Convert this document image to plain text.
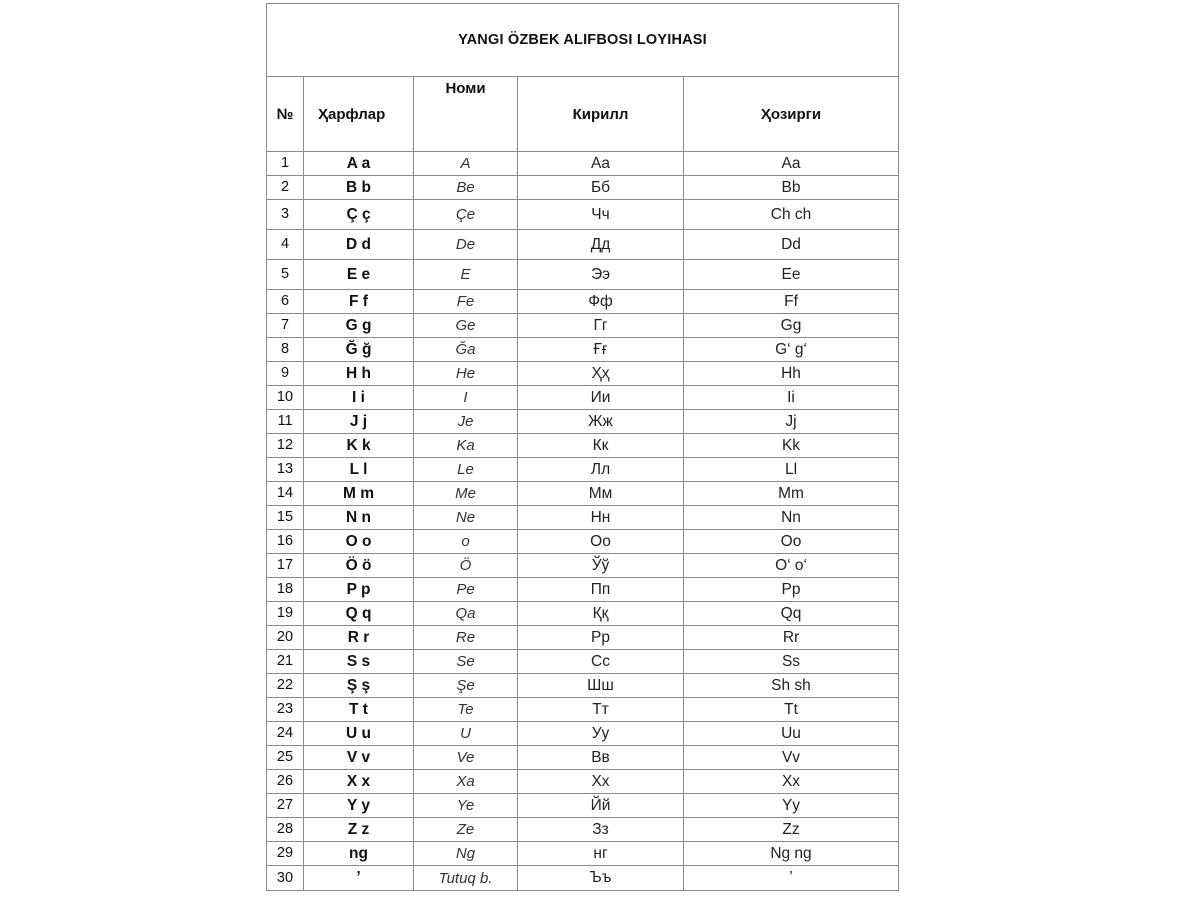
YANGI ÖZBEK ALIFBOSI LOYIHASI				
№	Ҳарфлар	Номи	Кирилл	Ҳозирги
1	A a	A	Aa	Aa
2	B b	Be	Бб	Bb
3	Ç ç	Çe	Чч	Ch ch
4	D d	De	Дд	Dd
5	E e	E	Ээ	Ee
6	F f	Fe	Фф	Ff
7	G g	Ge	Гг	Gg
8	Ğ ğ	Ğa	Ғғ	G‘ g‘
9	H h	He	Ҳҳ	Hh
10	I i	I	Ии	Ii
11	J j	Je	Жж	Jj
12	K k	Ka	Кк	Kk
13	L l	Le	Лл	Ll
14	M m	Me	Мм	Mm
15	N n	Ne	Нн	Nn
16	O o	o	Oo	Oo
17	Ö ö	Ö	Ўў	O‘ o‘
18	P p	Pe	Пп	Pp
19	Q q	Qa	Ққ	Qq
20	R r	Re	Рр	Rr
21	S s	Se	Сс	Ss
22	Ş ş	Şe	Шш	Sh sh
23	T t	Te	Тт	Tt
24	U u	U	Уу	Uu
25	V v	Ve	Вв	Vv
26	X x	Xa	Хх	Xx
27	Y y	Ye	Йй	Yy
28	Z z	Ze	Зз	Zz
29	ng	Ng	нг	Ng ng
30	’	Tutuq b.	Ъъ	’
